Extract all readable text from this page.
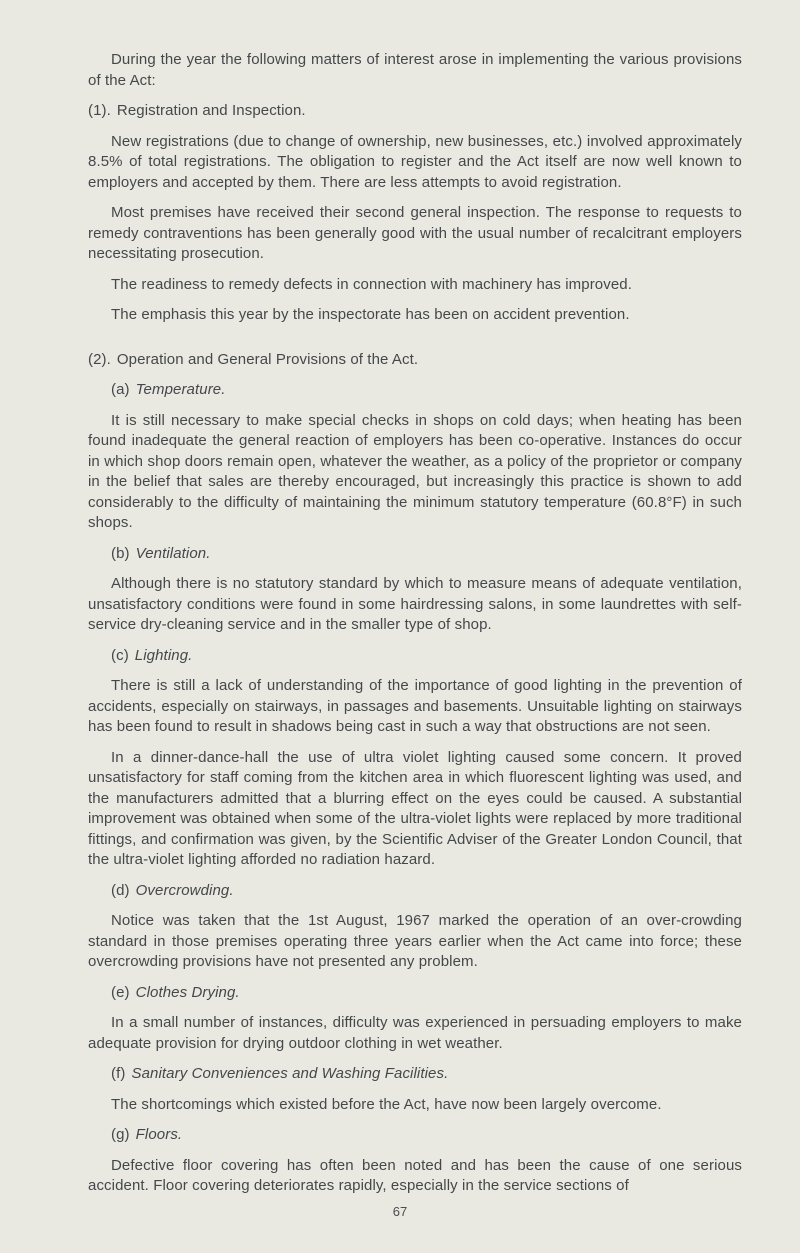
During the year the following matters of interest arose in implementing the various provisions of the Act:

(1). Registration and Inspection.

New registrations (due to change of ownership, new businesses, etc.) involved approximately 8.5% of total registrations. The obligation to register and the Act itself are now well known to employers and accepted by them. There are less attempts to avoid registration.

Most premises have received their second general inspection. The response to requests to remedy contraventions has been generally good with the usual number of recalcitrant employers necessitating prosecution.

The readiness to remedy defects in connection with machinery has improved.

The emphasis this year by the inspectorate has been on accident prevention.

(2). Operation and General Provisions of the Act.

(a) Temperature.

It is still necessary to make special checks in shops on cold days; when heating has been found inadequate the general reaction of employers has been co-operative. Instances do occur in which shop doors remain open, whatever the weather, as a policy of the proprietor or company in the belief that sales are thereby encouraged, but increasingly this practice is shown to add considerably to the difficulty of maintaining the minimum statutory temperature (60.8°F) in such shops.

(b) Ventilation.

Although there is no statutory standard by which to measure means of adequate ventilation, unsatisfactory conditions were found in some hairdressing salons, in some laundrettes with self-service dry-cleaning service and in the smaller type of shop.

(c) Lighting.

There is still a lack of understanding of the importance of good lighting in the prevention of accidents, especially on stairways, in passages and basements. Unsuitable lighting on stairways has been found to result in shadows being cast in such a way that obstructions are not seen.

In a dinner-dance-hall the use of ultra violet lighting caused some concern. It proved unsatisfactory for staff coming from the kitchen area in which fluorescent lighting was used, and the manufacturers admitted that a blurring effect on the eyes could be caused. A substantial improvement was obtained when some of the ultra-violet lights were replaced by more traditional fittings, and confirmation was given, by the Scientific Adviser of the Greater London Council, that the ultra-violet lighting afforded no radiation hazard.

(d) Overcrowding.

Notice was taken that the 1st August, 1967 marked the operation of an over-crowding standard in those premises operating three years earlier when the Act came into force; these overcrowding provisions have not presented any problem.

(e) Clothes Drying.

In a small number of instances, difficulty was experienced in persuading employers to make adequate provision for drying outdoor clothing in wet weather.

(f) Sanitary Conveniences and Washing Facilities.

The shortcomings which existed before the Act, have now been largely overcome.

(g) Floors.

Defective floor covering has often been noted and has been the cause of one serious accident. Floor covering deteriorates rapidly, especially in the service sections of

67
